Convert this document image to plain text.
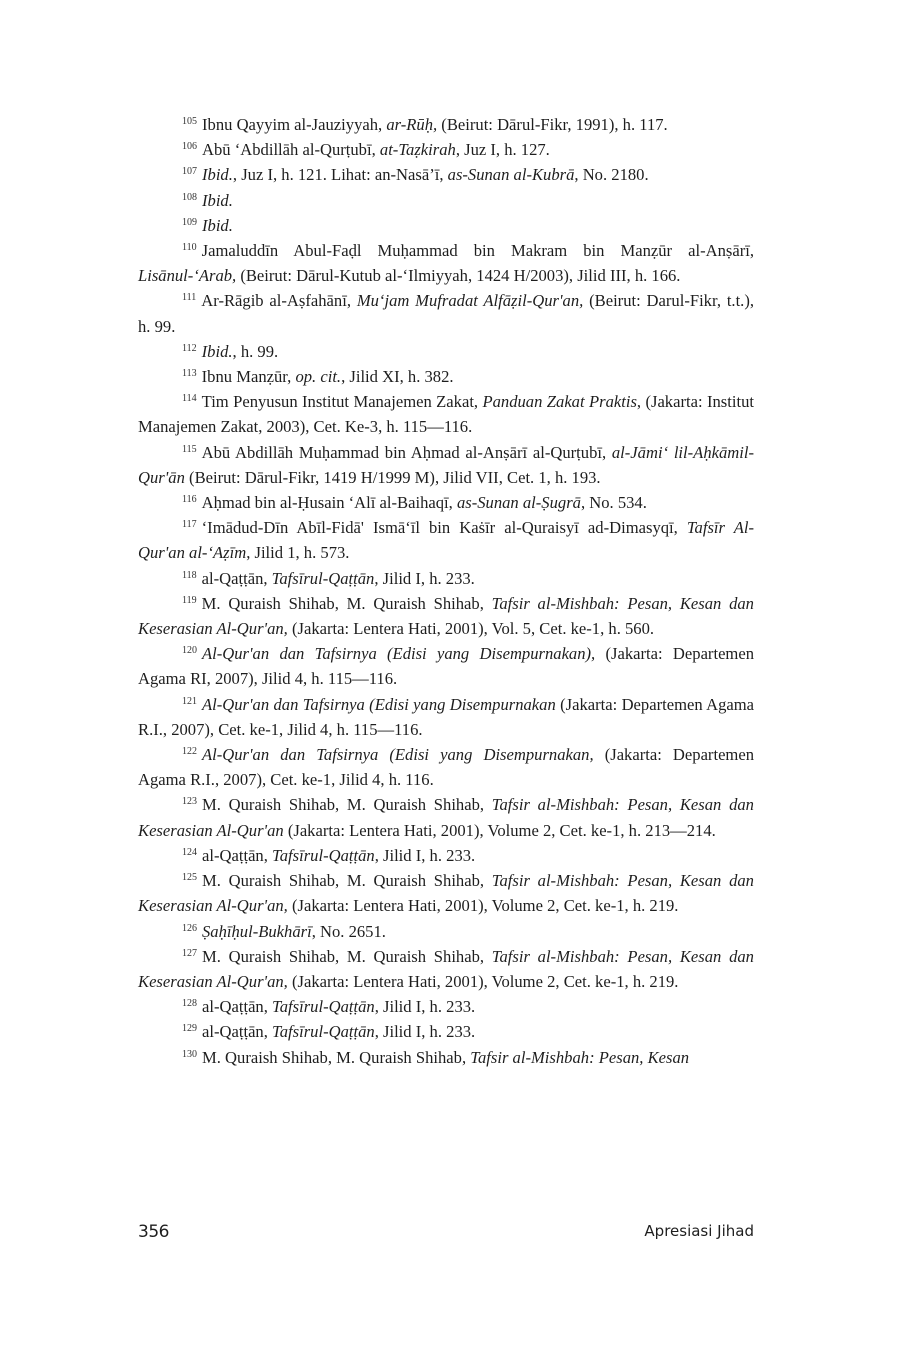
$^{105}$ Ibnu Qayyim al-Jauziyyah, ar-Rūḥ, (Beirut: Dārul-Fikr, 1991), h. 117.

$^{106}$ Abū ‘Abdillāh al-Qurṭubī, at-Taẓkirah, Juz I, h. 127.

$^{107}$ Ibid., Juz I, h. 121. Lihat: an-Nasā’ī, as-Sunan al-Kubrā, No. 2180.

$^{108}$ Ibid.

$^{109}$ Ibid.

$^{110}$ Jamaluddīn Abul-Faḍl Muḥammad bin Makram bin Manẓūr al-Anṣārī, Lisānul-‘Arab, (Beirut: Dārul-Kutub al-‘Ilmiyyah, 1424 H/2003), Jilid III, h. 166.

$^{111}$ Ar-Rāgib al-Aṣfahānī, Mu‘jam Mufradat Alfāẓil-Qur'an, (Beirut: Darul-Fikr, t.t.), h. 99.

$^{112}$ Ibid., h. 99.

$^{113}$ Ibnu Manẓūr, op. cit., Jilid XI, h. 382.

$^{114}$ Tim Penyusun Institut Manajemen Zakat, Panduan Zakat Praktis, (Jakarta: Institut Manajemen Zakat, 2003), Cet. Ke-3, h. 115—116.

$^{115}$ Abū Abdillāh Muḥammad bin Aḥmad al-Anṣārī al-Qurṭubī, al-Jāmi‘ lil-Aḥkāmil-Qur'ān (Beirut: Dārul-Fikr, 1419 H/1999 M), Jilid VII, Cet. 1, h. 193.

$^{116}$ Aḥmad bin al-Ḥusain ‘Alī al-Baihaqī, as-Sunan al-Ṣugrā, No. 534.

$^{117}$ ‘Imādud-Dīn Abīl-Fidā' Ismā‘īl bin Kaṡīr al-Quraisyī ad-Dimasyqī, Tafsīr Al-Qur'an al-‘Aẓīm, Jilid 1, h. 573.

$^{118}$ al-Qaṭṭān, Tafsīrul-Qaṭṭān, Jilid I, h. 233.

$^{119}$ M. Quraish Shihab, M. Quraish Shihab, Tafsir al-Mishbah: Pesan, Kesan dan Keserasian Al-Qur'an, (Jakarta: Lentera Hati, 2001), Vol. 5, Cet. ke-1, h. 560.

$^{120}$ Al-Qur'an dan Tafsirnya (Edisi yang Disempurnakan), (Jakarta: Departemen Agama RI, 2007), Jilid 4, h. 115—116.

$^{121}$ Al-Qur'an dan Tafsirnya (Edisi yang Disempurnakan (Jakarta: Departemen Agama R.I., 2007), Cet. ke-1, Jilid 4, h. 115—116.

$^{122}$ Al-Qur'an dan Tafsirnya (Edisi yang Disempurnakan, (Jakarta: Departemen Agama R.I., 2007), Cet. ke-1, Jilid 4, h. 116.

$^{123}$ M. Quraish Shihab, M. Quraish Shihab, Tafsir al-Mishbah: Pesan, Kesan dan Keserasian Al-Qur'an (Jakarta: Lentera Hati, 2001), Volume 2, Cet. ke-1, h. 213—214.

$^{124}$ al-Qaṭṭān, Tafsīrul-Qaṭṭān, Jilid I, h. 233.

$^{125}$ M. Quraish Shihab, M. Quraish Shihab, Tafsir al-Mishbah: Pesan, Kesan dan Keserasian Al-Qur'an, (Jakarta: Lentera Hati, 2001), Volume 2, Cet. ke-1, h. 219.

$^{126}$ Ṣaḥīḥul-Bukhārī, No. 2651.

$^{127}$ M. Quraish Shihab, M. Quraish Shihab, Tafsir al-Mishbah: Pesan, Kesan dan Keserasian Al-Qur'an, (Jakarta: Lentera Hati, 2001), Volume 2, Cet. ke-1, h. 219.

$^{128}$ al-Qaṭṭān, Tafsīrul-Qaṭṭān, Jilid I, h. 233.

$^{129}$ al-Qaṭṭān, Tafsīrul-Qaṭṭān, Jilid I, h. 233.

$^{130}$ M. Quraish Shihab, M. Quraish Shihab, Tafsir al-Mishbah: Pesan, Kesan

356	Apresiasi Jihad
